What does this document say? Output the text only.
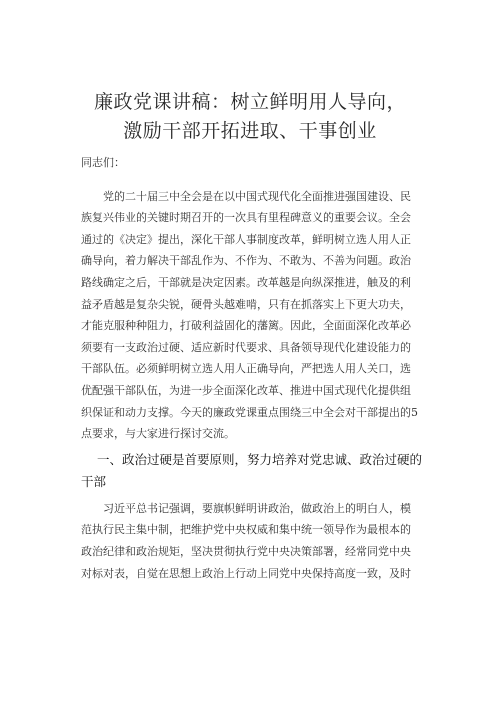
廉政党课讲稿：树立鲜明用人导向，
激励干部开拓进取、干事创业
同志们：
党的二十届三中全会是在以中国式现代化全面推进强国建设、民
族复兴伟业的关键时期召开的一次具有里程碑意义的重要会议。全会
通过的《决定》提出，深化干部人事制度改革，鲜明树立选人用人正
确导向，着力解决干部乱作为、不作为、不敢为、不善为问题。政治
路线确定之后，干部就是决定因素。改革越是向纵深推进，触及的利
益矛盾越是复杂尖锐，硬骨头越难啃，只有在抓落实上下更大功夫，
才能克服种种阻力，打破利益固化的藩篱。因此，全面面深化改革必
须要有一支政治过硬、适应新时代要求、具备领导现代化建设能力的
干部队伍。必须鲜明树立选人用人正确导向，严把选人用人关口，选
优配强干部队伍，为进一步全面深化改革、推进中国式现代化提供组
织保证和动力支撑。今天的廉政党课重点围绕三中全会对干部提出的5
点要求，与大家进行探讨交流。
一、政治过硬是首要原则，努力培养对党忠诚、政治过硬的
干部
习近平总书记强调，要旗帜鲜明讲政治，做政治上的明白人，模
范执行民主集中制，把维护党中央权威和集中统一领导作为最根本的
政治纪律和政治规矩，坚决贯彻执行党中央决策部署，经常同党中央
对标对表，自觉在思想上政治上行动上同党中央保持高度一致，及时
